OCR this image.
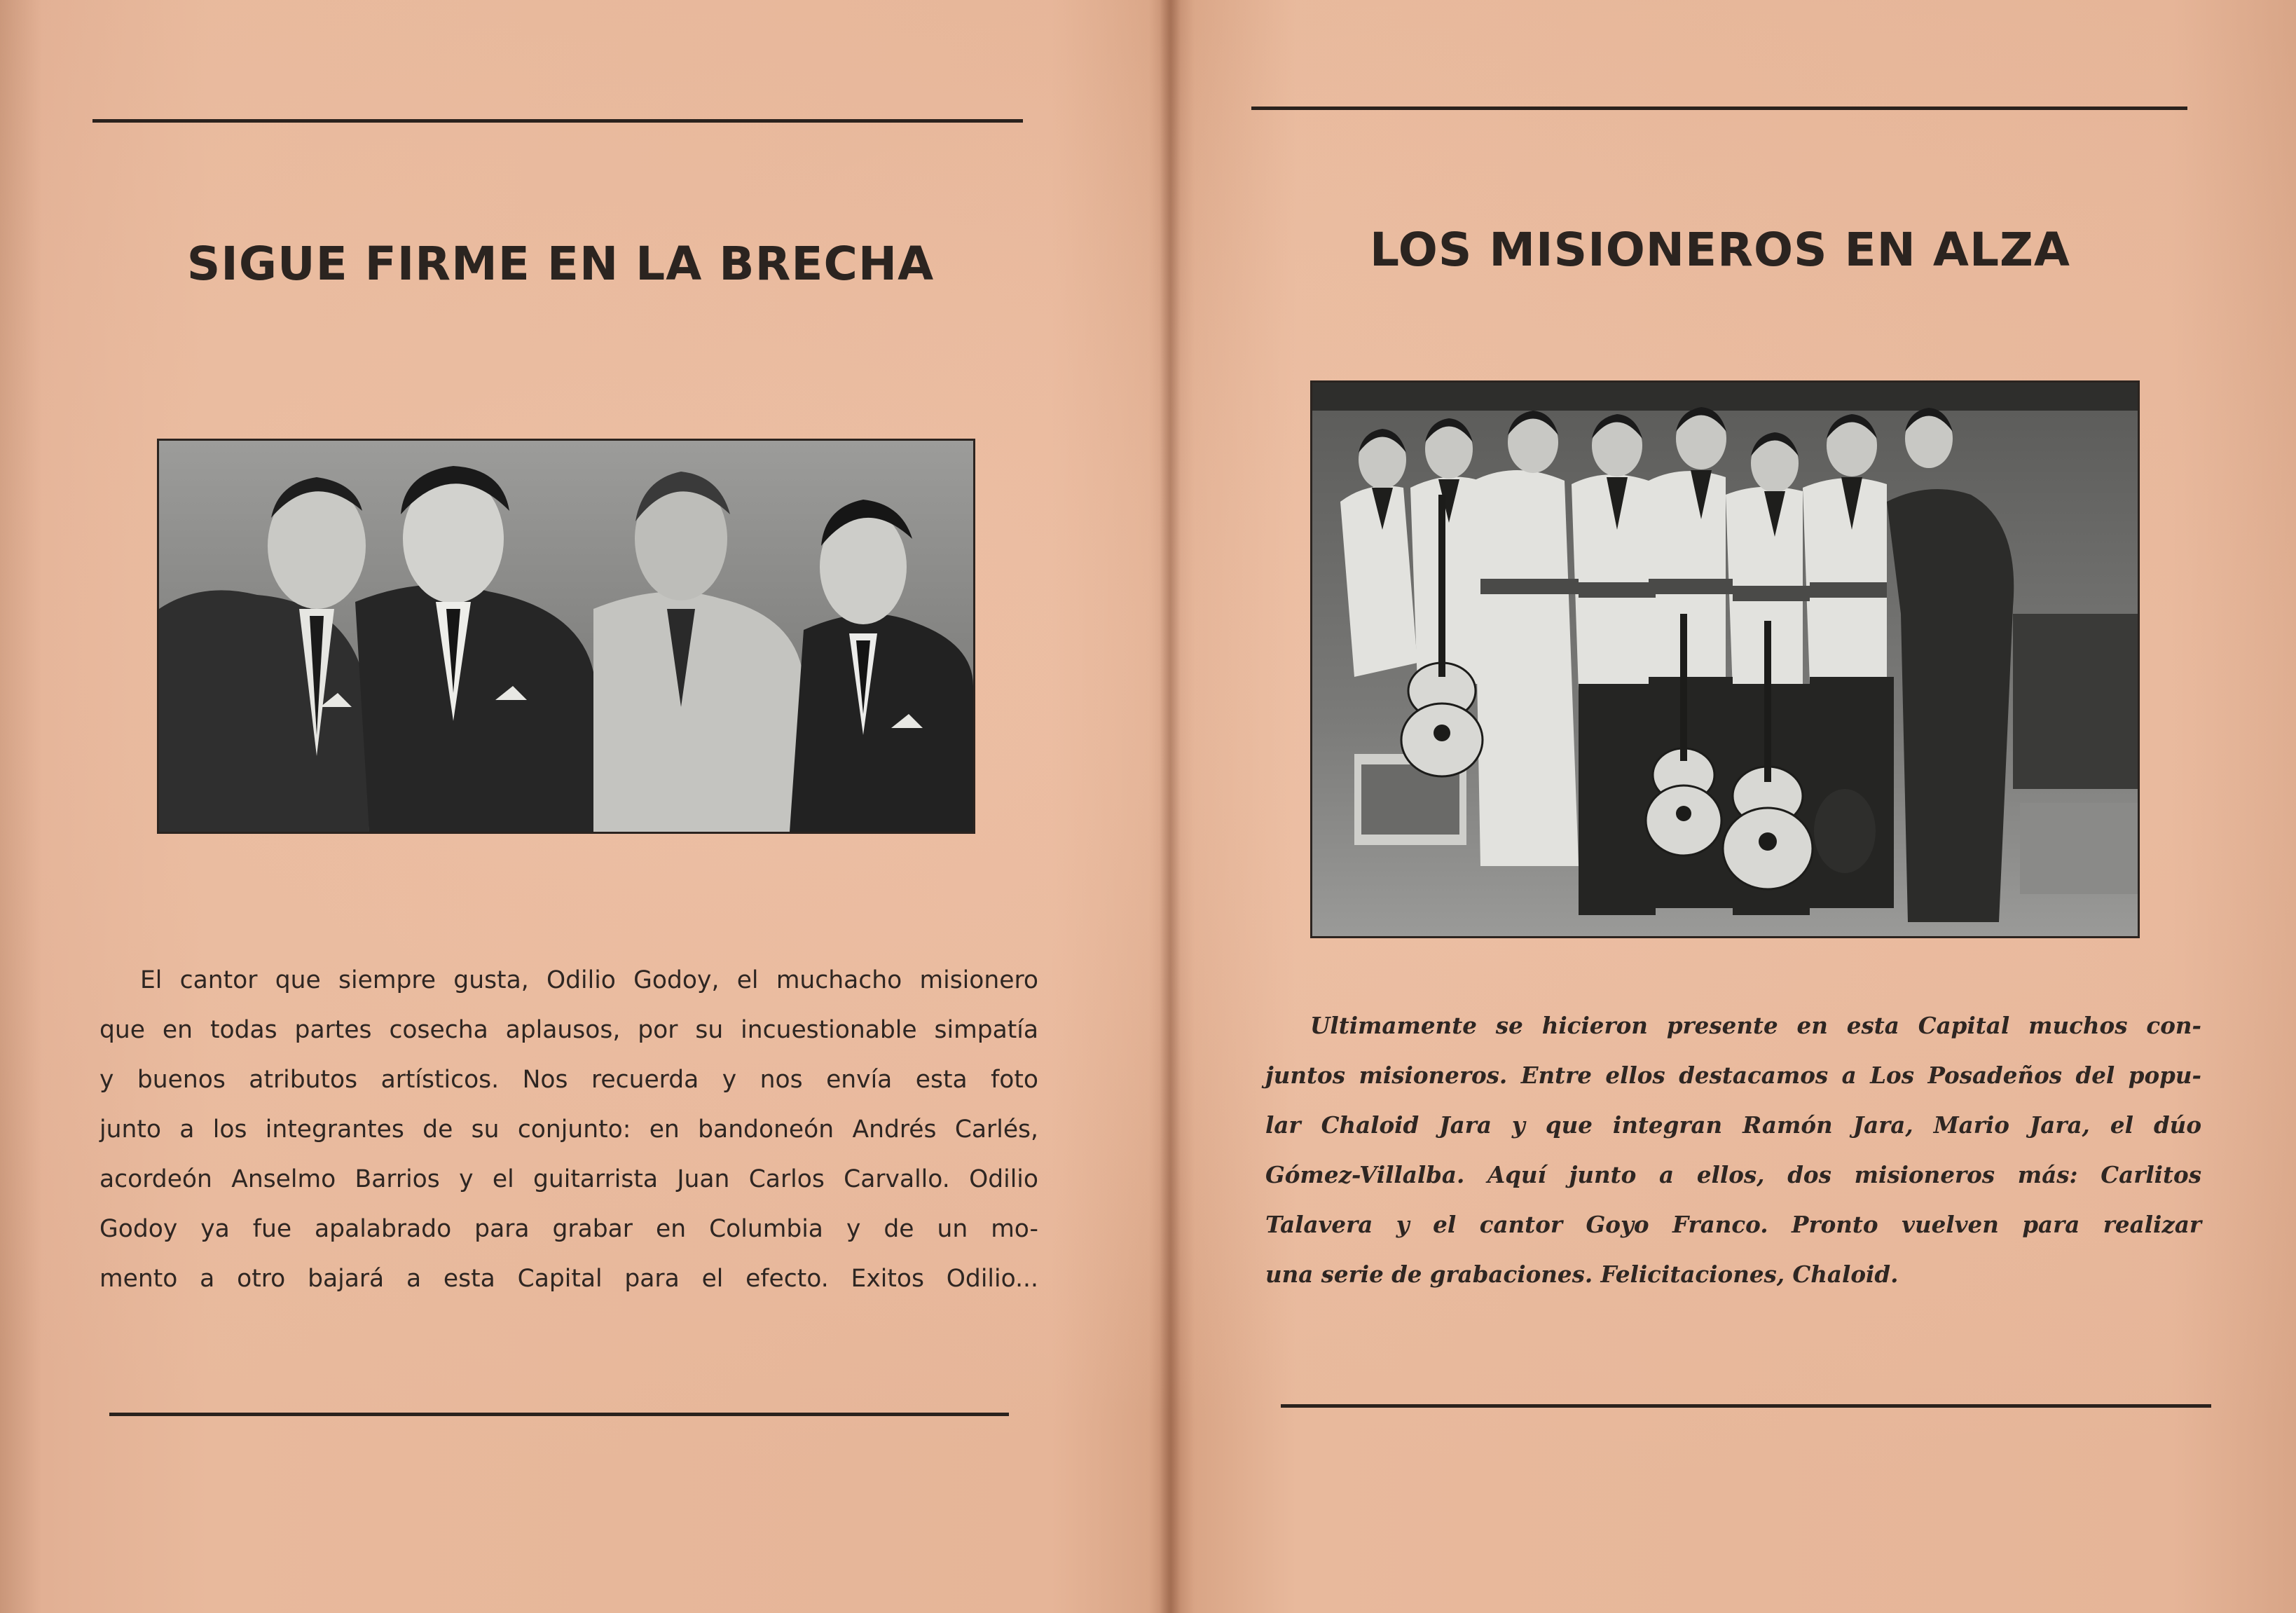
SIGUE FIRME EN LA BRECHA

El cantor que siempre gusta, Odilio Godoy, el muchacho misionero
que en todas partes cosecha aplausos, por su incuestionable simpatía
y buenos atributos artísticos. Nos recuerda y nos envía esta foto
junto a los integrantes de su conjunto: en bandoneón Andrés Carlés,
acordeón Anselmo Barrios y el guitarrista Juan Carlos Carvallo. Odilio
Godoy ya fue apalabrado para grabar en Columbia y de un mo-
mento a otro bajará a esta Capital para el efecto. Exitos Odilio...

LOS MISIONEROS EN ALZA

Ultimamente se hicieron presente en esta Capital muchos con-
juntos misioneros. Entre ellos destacamos a Los Posadeños del popu-
lar Chaloid Jara y que integran Ramón Jara, Mario Jara, el dúo
Gómez-Villalba. Aquí junto a ellos, dos misioneros más: Carlitos
Talavera y el cantor Goyo Franco. Pronto vuelven para realizar
una serie de grabaciones. Felicitaciones, Chaloid.
